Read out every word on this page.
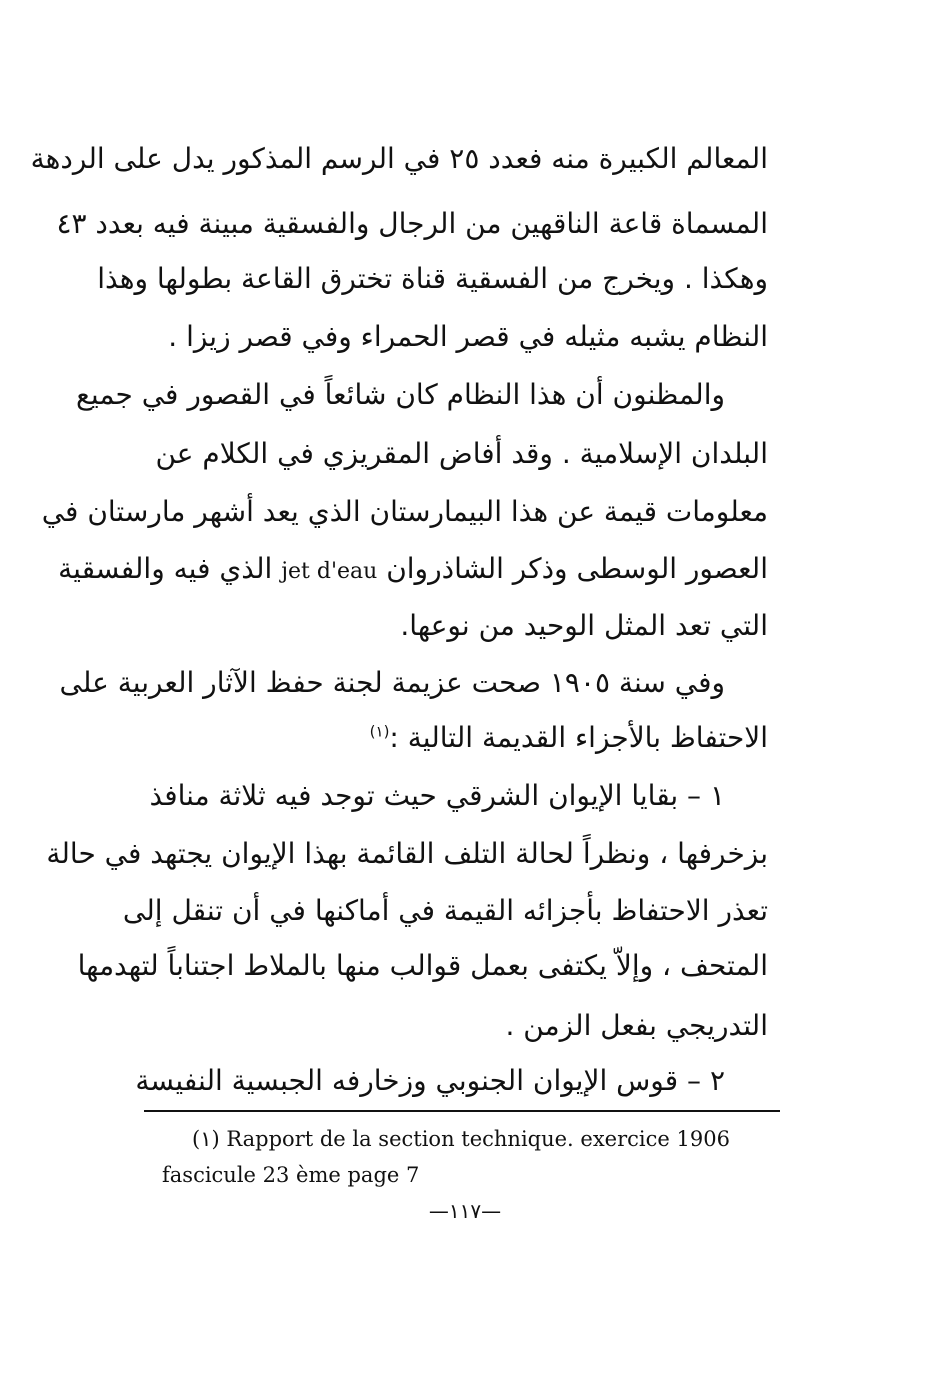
المعالم الكبيرة منه فعدد ٢٥ في الرسم المذكور يدل على الردهة
المسماة قاعة الناقهين من الرجال والفسقية مبينة فيه بعدد ٤٣
وهكذا . ويخرج من الفسقية قناة تخترق القاعة بطولها وهذا
النظام يشبه مثيله في قصر الحمراء وفي قصر زيزا .
والمظنون أن هذا النظام كان شائعاً في القصور في جميع
البلدان الإسلامية . وقد أفاض المقريزي في الكلام عن
معلومات قيمة عن هذا البيمارستان الذي يعد أشهر مارستان في
العصور الوسطى وذكر الشاذروان jet d'eau الذي فيه والفسقية
التي تعد المثل الوحيد من نوعها.
وفي سنة ١٩٠٥ صحت عزيمة لجنة حفظ الآثار العربية على
الاحتفاظ بالأجزاء القديمة التالية :$^{(١)}$
١ – بقايا الإيوان الشرقي حيث توجد فيه ثلاثة منافذ
بزخرفها ، ونظراً لحالة التلف القائمة بهذا الإيوان يجتهد في حالة
تعذر الاحتفاظ بأجزائه القيمة في أماكنها في أن تنقل إلى
المتحف ، وإلاّ يكتفى بعمل قوالب منها بالملاط اجتناباً لتهدمها
التدريجي بفعل الزمن .
٢ – قوس الإيوان الجنوبي وزخارفه الجبسية النفيسة
(١) Rapport de la section technique. exercice 1906
fascicule 23 ème page 7
—١١٧—
